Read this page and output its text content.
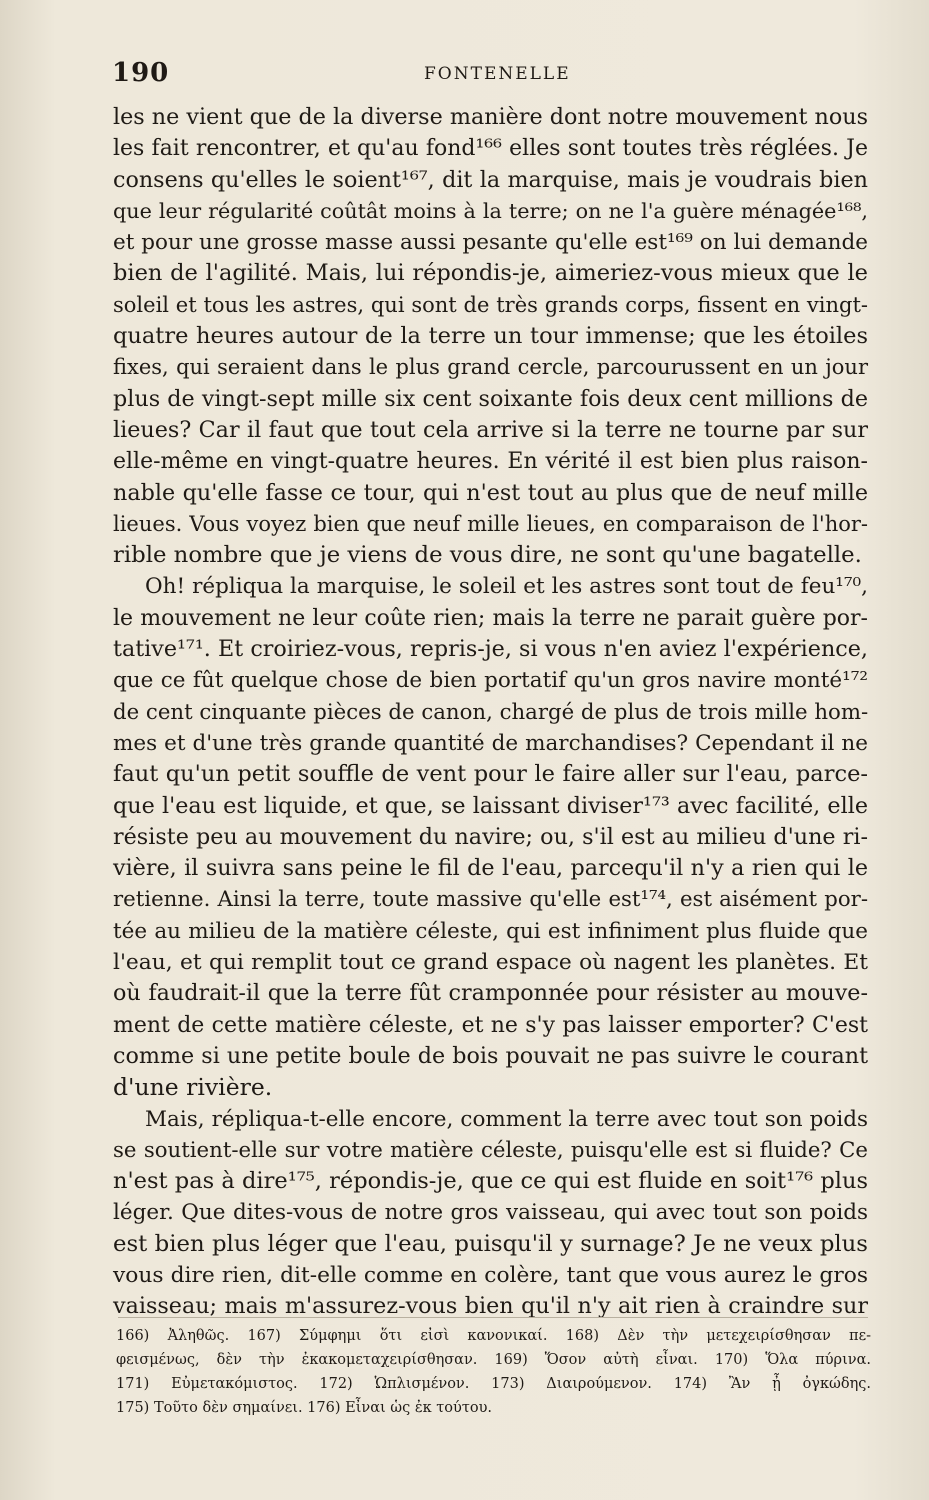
190	FONTENELLE
les ne vient que de la diverse manière dont notre mouvement nous
les fait rencontrer, et qu'au fond¹⁶⁶ elles sont toutes très réglées. Je
consens qu'elles le soient¹⁶⁷, dit la marquise, mais je voudrais bien
que leur régularité coûtât moins à la terre; on ne l'a guère ménagée¹⁶⁸,
et pour une grosse masse aussi pesante qu'elle est¹⁶⁹ on lui demande
bien de l'agilité. Mais, lui répondis-je, aimeriez-vous mieux que le
soleil et tous les astres, qui sont de très grands corps, fissent en vingt-
quatre heures autour de la terre un tour immense; que les étoiles
fixes, qui seraient dans le plus grand cercle, parcourussent en un jour
plus de vingt-sept mille six cent soixante fois deux cent millions de
lieues? Car il faut que tout cela arrive si la terre ne tourne par sur
elle-même en vingt-quatre heures. En vérité il est bien plus raison-
nable qu'elle fasse ce tour, qui n'est tout au plus que de neuf mille
lieues. Vous voyez bien que neuf mille lieues, en comparaison de l'hor-
rible nombre que je viens de vous dire, ne sont qu'une bagatelle.
Oh! répliqua la marquise, le soleil et les astres sont tout de feu¹⁷⁰,
le mouvement ne leur coûte rien; mais la terre ne parait guère por-
tative¹⁷¹. Et croiriez-vous, repris-je, si vous n'en aviez l'expérience,
que ce fût quelque chose de bien portatif qu'un gros navire monté¹⁷²
de cent cinquante pièces de canon, chargé de plus de trois mille hom-
mes et d'une très grande quantité de marchandises? Cependant il ne
faut qu'un petit souffle de vent pour le faire aller sur l'eau, parce-
que l'eau est liquide, et que, se laissant diviser¹⁷³ avec facilité, elle
résiste peu au mouvement du navire; ou, s'il est au milieu d'une ri-
vière, il suivra sans peine le fil de l'eau, parcequ'il n'y a rien qui le
retienne. Ainsi la terre, toute massive qu'elle est¹⁷⁴, est aisément por-
tée au milieu de la matière céleste, qui est infiniment plus fluide que
l'eau, et qui remplit tout ce grand espace où nagent les planètes. Et
où faudrait-il que la terre fût cramponnée pour résister au mouve-
ment de cette matière céleste, et ne s'y pas laisser emporter? C'est
comme si une petite boule de bois pouvait ne pas suivre le courant
d'une rivière.
Mais, répliqua-t-elle encore, comment la terre avec tout son poids
se soutient-elle sur votre matière céleste, puisqu'elle est si fluide? Ce
n'est pas à dire¹⁷⁵, répondis-je, que ce qui est fluide en soit¹⁷⁶ plus
léger. Que dites-vous de notre gros vaisseau, qui avec tout son poids
est bien plus léger que l'eau, puisqu'il y surnage? Je ne veux plus
vous dire rien, dit-elle comme en colère, tant que vous aurez le gros
vaisseau; mais m'assurez-vous bien qu'il n'y ait rien à craindre sur
166) Ἀληθῶς. 167) Σύμφημι ὅτι εἰσὶ κανονικαί. 168) Δὲν τὴν μετεχειρίσθησαν πε-
φεισμένως, δὲν τὴν ἐκακομεταχειρίσθησαν. 169) Ὅσον αὐτὴ εἶναι. 170) Ὅλα πύρινα.
171) Εὐμετακόμιστος. 172) Ὡπλισμένον. 173) Διαιρούμενον. 174) Ἂν ᾖ ὀγκώδης.
175) Τοῦτο δὲν σημαίνει. 176) Εἶναι ὡς ἐκ τούτου.
